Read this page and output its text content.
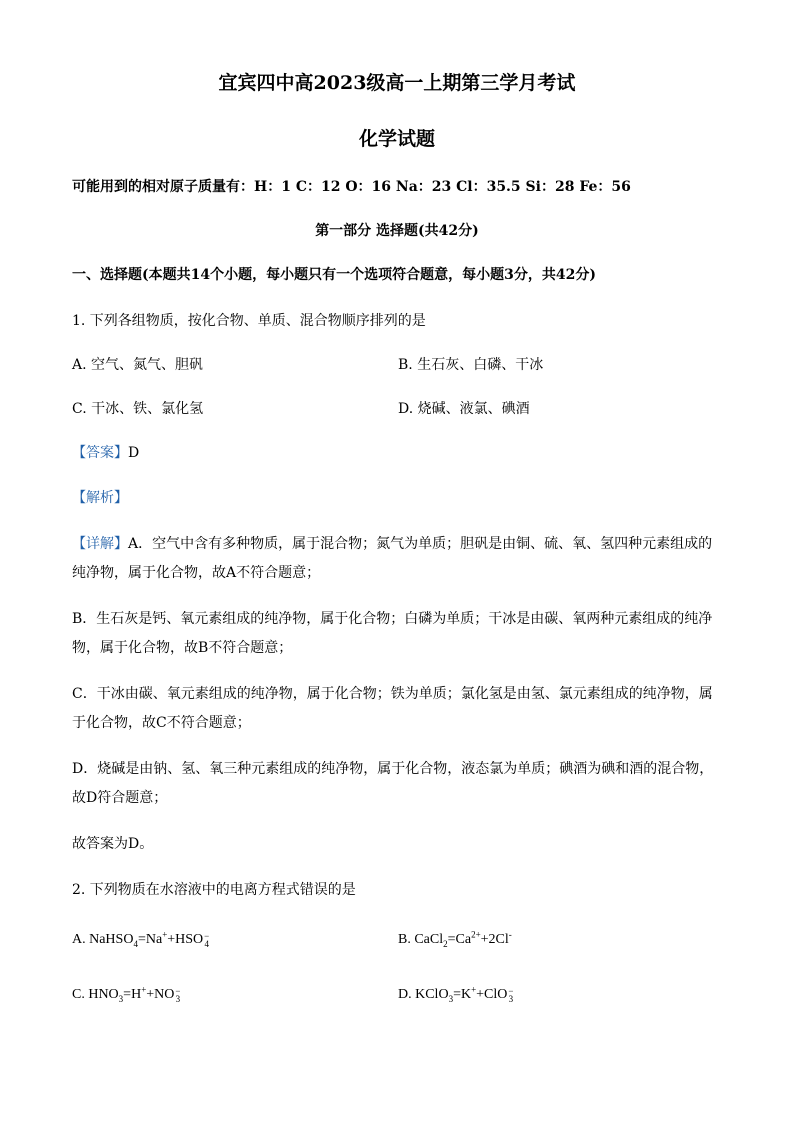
宜宾四中高2023级高一上期第三学月考试
化学试题
可能用到的相对原子质量有：H：1 C：12 O：16 Na：23 Cl：35.5 Si：28 Fe：56
第一部分 选择题(共42分)
一、选择题(本题共14个小题，每小题只有一个选项符合题意，每小题3分，共42分)
1. 下列各组物质，按化合物、单质、混合物顺序排列的是
A. 空气、氮气、胆矾	B. 生石灰、白磷、干冰
C. 干冰、铁、氯化氢	D. 烧碱、液氯、碘酒
【答案】D
【解析】
【详解】A．空气中含有多种物质，属于混合物；氮气为单质；胆矾是由铜、硫、氧、氢四种元素组成的
纯净物，属于化合物，故A不符合题意；
B．生石灰是钙、氧元素组成的纯净物，属于化合物；白磷为单质；干冰是由碳、氧两种元素组成的纯净
物，属于化合物，故B不符合题意；
C．干冰由碳、氧元素组成的纯净物，属于化合物；铁为单质；氯化氢是由氢、氯元素组成的纯净物，属
于化合物，故C不符合题意；
D．烧碱是由钠、氢、氧三种元素组成的纯净物，属于化合物，液态氯为单质；碘酒为碘和酒的混合物，
故D符合题意；
故答案为D。
2. 下列物质在水溶液中的电离方程式错误的是
A. NaHSO$_4$=Na++HSO −
4	B. $CaCl_2=Ca^{2+}+2Cl^-$
C. $HNO_3=H^++NO$ −
3	D. KClO$_3$=K++ClO −
3
